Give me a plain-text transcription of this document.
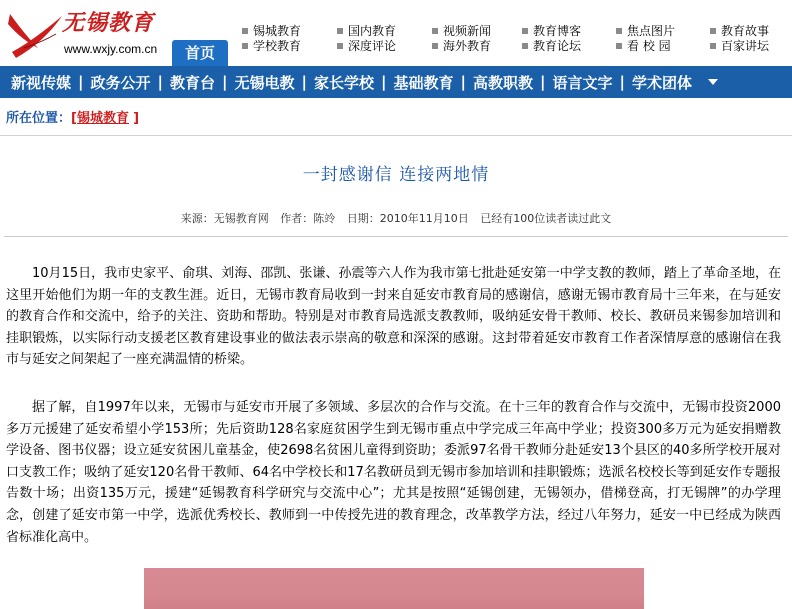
无锡教育
www.wxjy.com.cn	首页
锡城教育
学校教育
国内教育
深度评论
视频新闻
海外教育
教育博客
教育论坛
焦点图片
看 校 园
教育故事
百家讲坛
新视传媒 | 政务公开 | 教育台 | 无锡电教 | 家长学校 | 基础教育 | 高教职教 | 语言文字 | 学术团体
所在位置：[锡城教育 ]
一封感谢信 连接两地情
来源：无锡教育网 作者：陈竛 日期：2010年11月10日 已经有100位读者读过此文

10月15日，我市史家平、俞琪、刘海、邵凯、张谦、孙震等六人作为我市第七批赴延安第一中学支教的教师，踏上了革命圣地，在这里开始他们为期一年的支教生涯。近日，无锡市教育局收到一封来自延安市教育局的感谢信，感谢无锡市教育局十三年来，在与延安的教育合作和交流中，给予的关注、资助和帮助。特别是对市教育局选派支教教师，吸纳延安骨干教师、校长、教研员来锡参加培训和挂职锻炼，以实际行动支援老区教育建设事业的做法表示崇高的敬意和深深的感谢。这封带着延安市教育工作者深情厚意的感谢信在我市与延安之间架起了一座充满温情的桥梁。

据了解，自1997年以来，无锡市与延安市开展了多领域、多层次的合作与交流。在十三年的教育合作与交流中，无锡市投资2000多万元援建了延安希望小学153所；先后资助128名家庭贫困学生到无锡市重点中学完成三年高中学业；投资300多万元为延安捐赠教学设备、图书仪器；设立延安贫困儿童基金，使2698名贫困儿童得到资助；委派97名骨干教师分赴延安13个县区的40多所学校开展对口支教工作；吸纳了延安120名骨干教师、64名中学校长和17名教研员到无锡市参加培训和挂职锻炼；选派名校校长等到延安作专题报告数十场；出资135万元，援建“延锡教育科学研究与交流中心”；尤其是按照“延锡创建，无锡领办，借梯登高，打无锡牌”的办学理念，创建了延安市第一中学，选派优秀校长、教师到一中传授先进的教育理念，改革教学方法，经过八年努力，延安一中已经成为陕西省标准化高中。
